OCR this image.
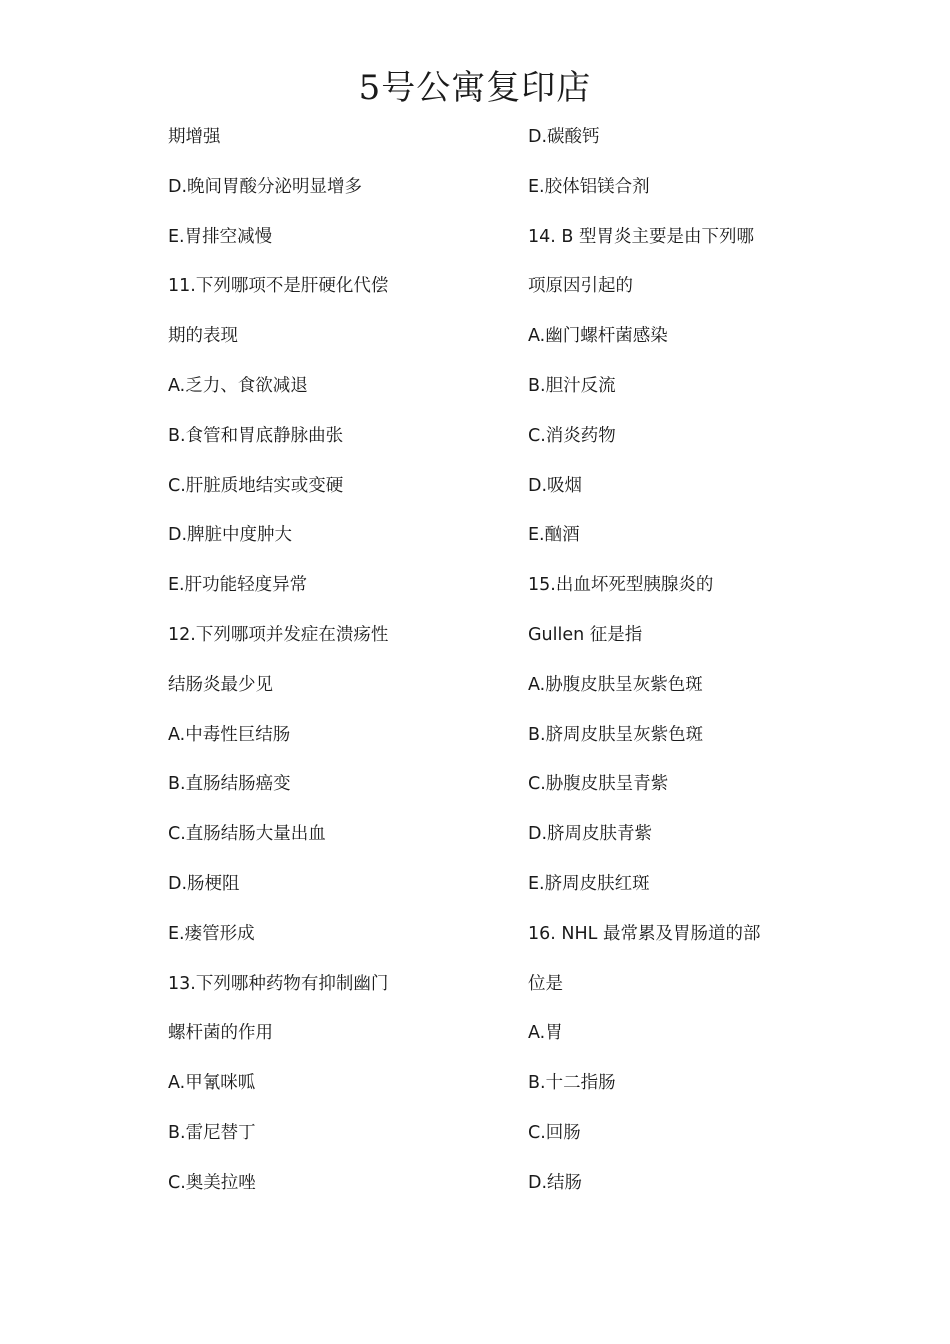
5号公寓复印店
期增强
D.晚间胃酸分泌明显增多
E.胃排空减慢
11.下列哪项不是肝硬化代偿
期的表现
A.乏力、食欲减退
B.食管和胃底静脉曲张
C.肝脏质地结实或变硬
D.脾脏中度肿大
E.肝功能轻度异常
12.下列哪项并发症在溃疡性
结肠炎最少见
A.中毒性巨结肠
B.直肠结肠癌变
C.直肠结肠大量出血
D.肠梗阻
E.瘘管形成
13.下列哪种药物有抑制幽门
螺杆菌的作用
A.甲氰咪呱
B.雷尼替丁
C.奥美拉唑
D.碳酸钙
E.胶体铝镁合剂
14. B 型胃炎主要是由下列哪
项原因引起的
A.幽门螺杆菌感染
B.胆汁反流
C.消炎药物
D.吸烟
E.酗酒
15.出血坏死型胰腺炎的
Gullen 征是指
A.胁腹皮肤呈灰紫色斑
B.脐周皮肤呈灰紫色斑
C.胁腹皮肤呈青紫
D.脐周皮肤青紫
E.脐周皮肤红斑
16. NHL 最常累及胃肠道的部
位是
A.胃
B.十二指肠
C.回肠
D.结肠
